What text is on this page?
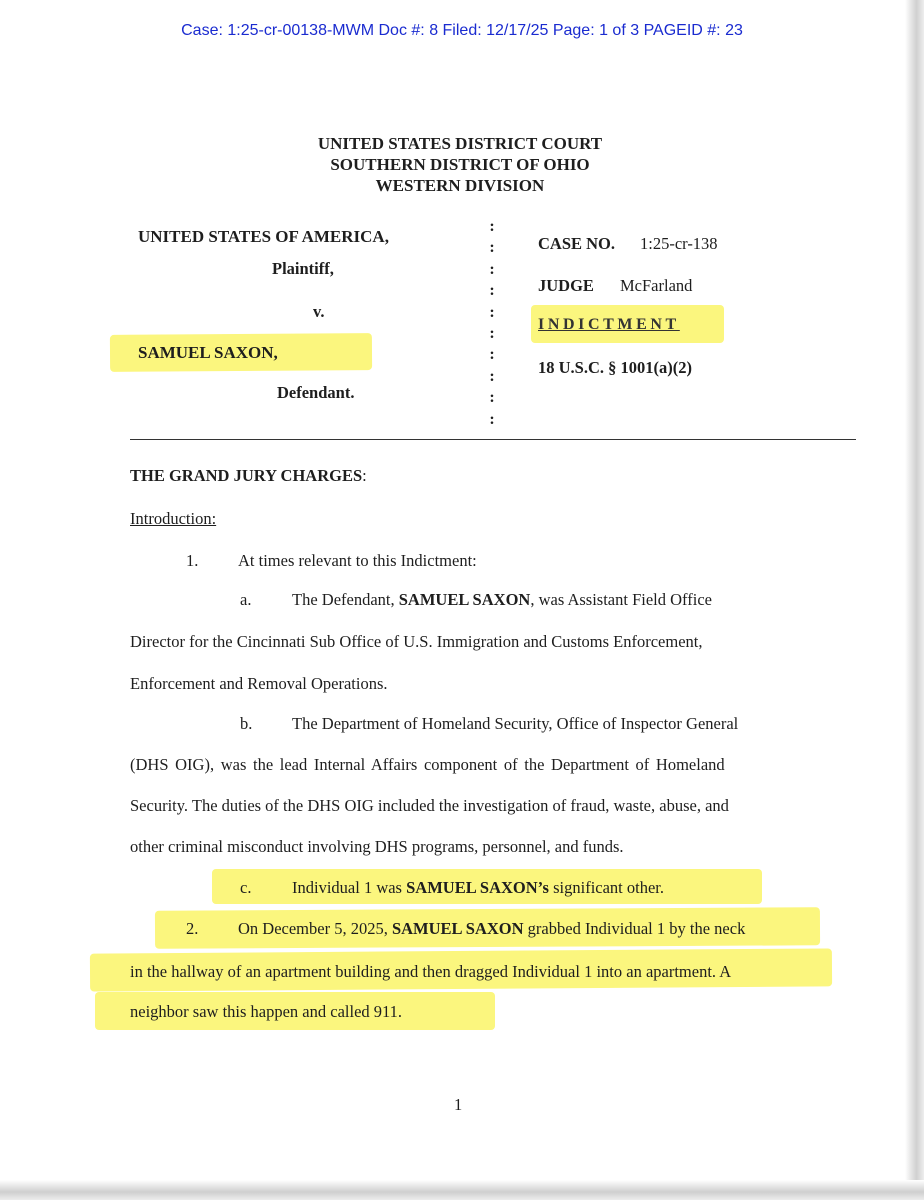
Case: 1:25-cr-00138-MWM Doc #: 8 Filed: 12/17/25 Page: 1 of 3 PAGEID #: 23
UNITED STATES DISTRICT COURT
SOUTHERN DISTRICT OF OHIO
WESTERN DIVISION
UNITED STATES OF AMERICA,
Plaintiff,
v.
SAMUEL SAXON,
Defendant.
:
:
:
:
:
:
:
:
:
:
CASE NO. 1:25-cr-138
JUDGE McFarland
INDICTMENT
18 U.S.C. § 1001(a)(2)
THE GRAND JURY CHARGES:
Introduction:
1. At times relevant to this Indictment:
a. The Defendant, SAMUEL SAXON, was Assistant Field Office
Director for the Cincinnati Sub Office of U.S. Immigration and Customs Enforcement,
Enforcement and Removal Operations.
b. The Department of Homeland Security, Office of Inspector General
(DHS OIG), was the lead Internal Affairs component of the Department of Homeland
Security. The duties of the DHS OIG included the investigation of fraud, waste, abuse, and
other criminal misconduct involving DHS programs, personnel, and funds.
c. Individual 1 was SAMUEL SAXON’s significant other.
2. On December 5, 2025, SAMUEL SAXON grabbed Individual 1 by the neck
in the hallway of an apartment building and then dragged Individual 1 into an apartment. A
neighbor saw this happen and called 911.
1
